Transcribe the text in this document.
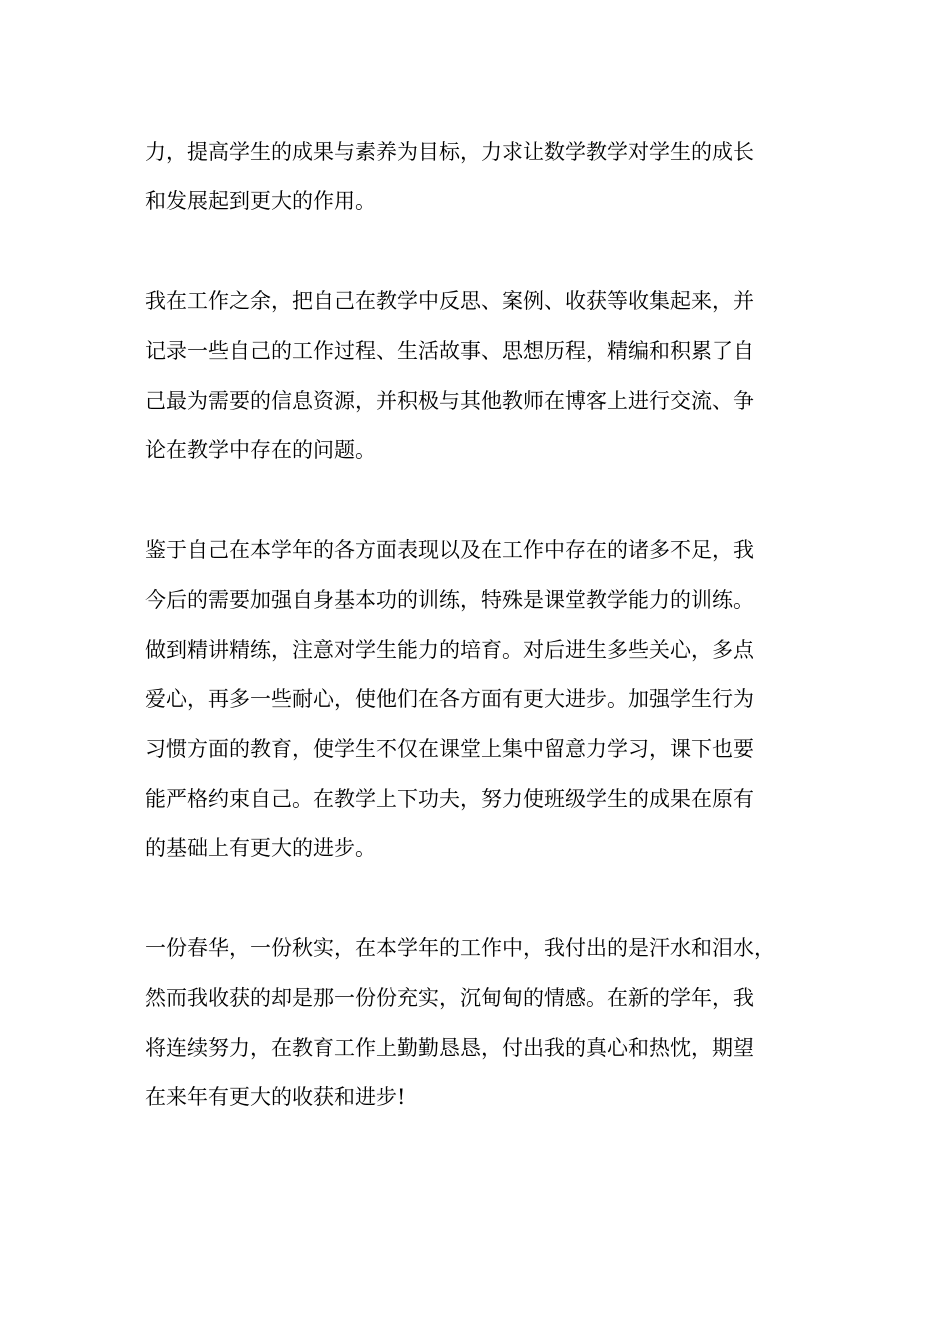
力，提高学生的成果与素养为目标，力求让数学教学对学生的成长

和发展起到更大的作用。

我在工作之余，把自己在教学中反思、案例、收获等收集起来，并

记录一些自己的工作过程、生活故事、思想历程，精编和积累了自

己最为需要的信息资源，并积极与其他教师在博客上进行交流、争

论在教学中存在的问题。

鉴于自己在本学年的各方面表现以及在工作中存在的诸多不足，我

今后的需要加强自身基本功的训练，特殊是课堂教学能力的训练。

做到精讲精练，注意对学生能力的培育。对后进生多些关心，多点

爱心，再多一些耐心，使他们在各方面有更大进步。加强学生行为

习惯方面的教育，使学生不仅在课堂上集中留意力学习，课下也要

能严格约束自己。在教学上下功夫，努力使班级学生的成果在原有

的基础上有更大的进步。

一份春华，一份秋实，在本学年的工作中，我付出的是汗水和泪水，

然而我收获的却是那一份份充实，沉甸甸的情感。在新的学年，我

将连续努力，在教育工作上勤勤恳恳，付出我的真心和热忱，期望

在来年有更大的收获和进步!
